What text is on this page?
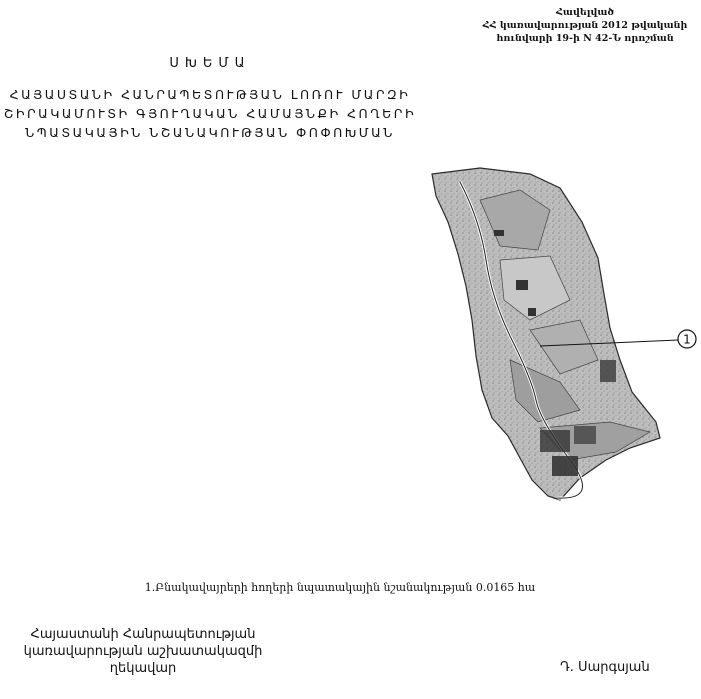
Հավելված
ՀՀ կառավարության 2012 թվականի
հունվարի 19-ի N 42-Ն որոշման
ՍԽԵՄԱ
ՀԱՅԱՍՏԱՆԻ ՀԱՆՐԱՊԵՏՈՒԹՅԱՆ ԼՈՌՈՒ ՄԱՐԶԻ
ՇԻՐԱԿԱՄՈՒՏԻ ԳՅՈՒՂԱԿԱՆ ՀԱՄԱՅՆՔԻ ՀՈՂԵՐԻ
ՆՊԱՏԱԿԱՅԻՆ ՆՇԱՆԱԿՈՒԹՅԱՆ ՓՈՓՈԽՄԱՆ
1
1.Բնակավայրերի հողերի նպատակային նշանակության 0.0165 հա
Հայաստանի Հանրապետության
կառավարության աշխատակազմի
ղեկավար	Դ. Սարգսյան
